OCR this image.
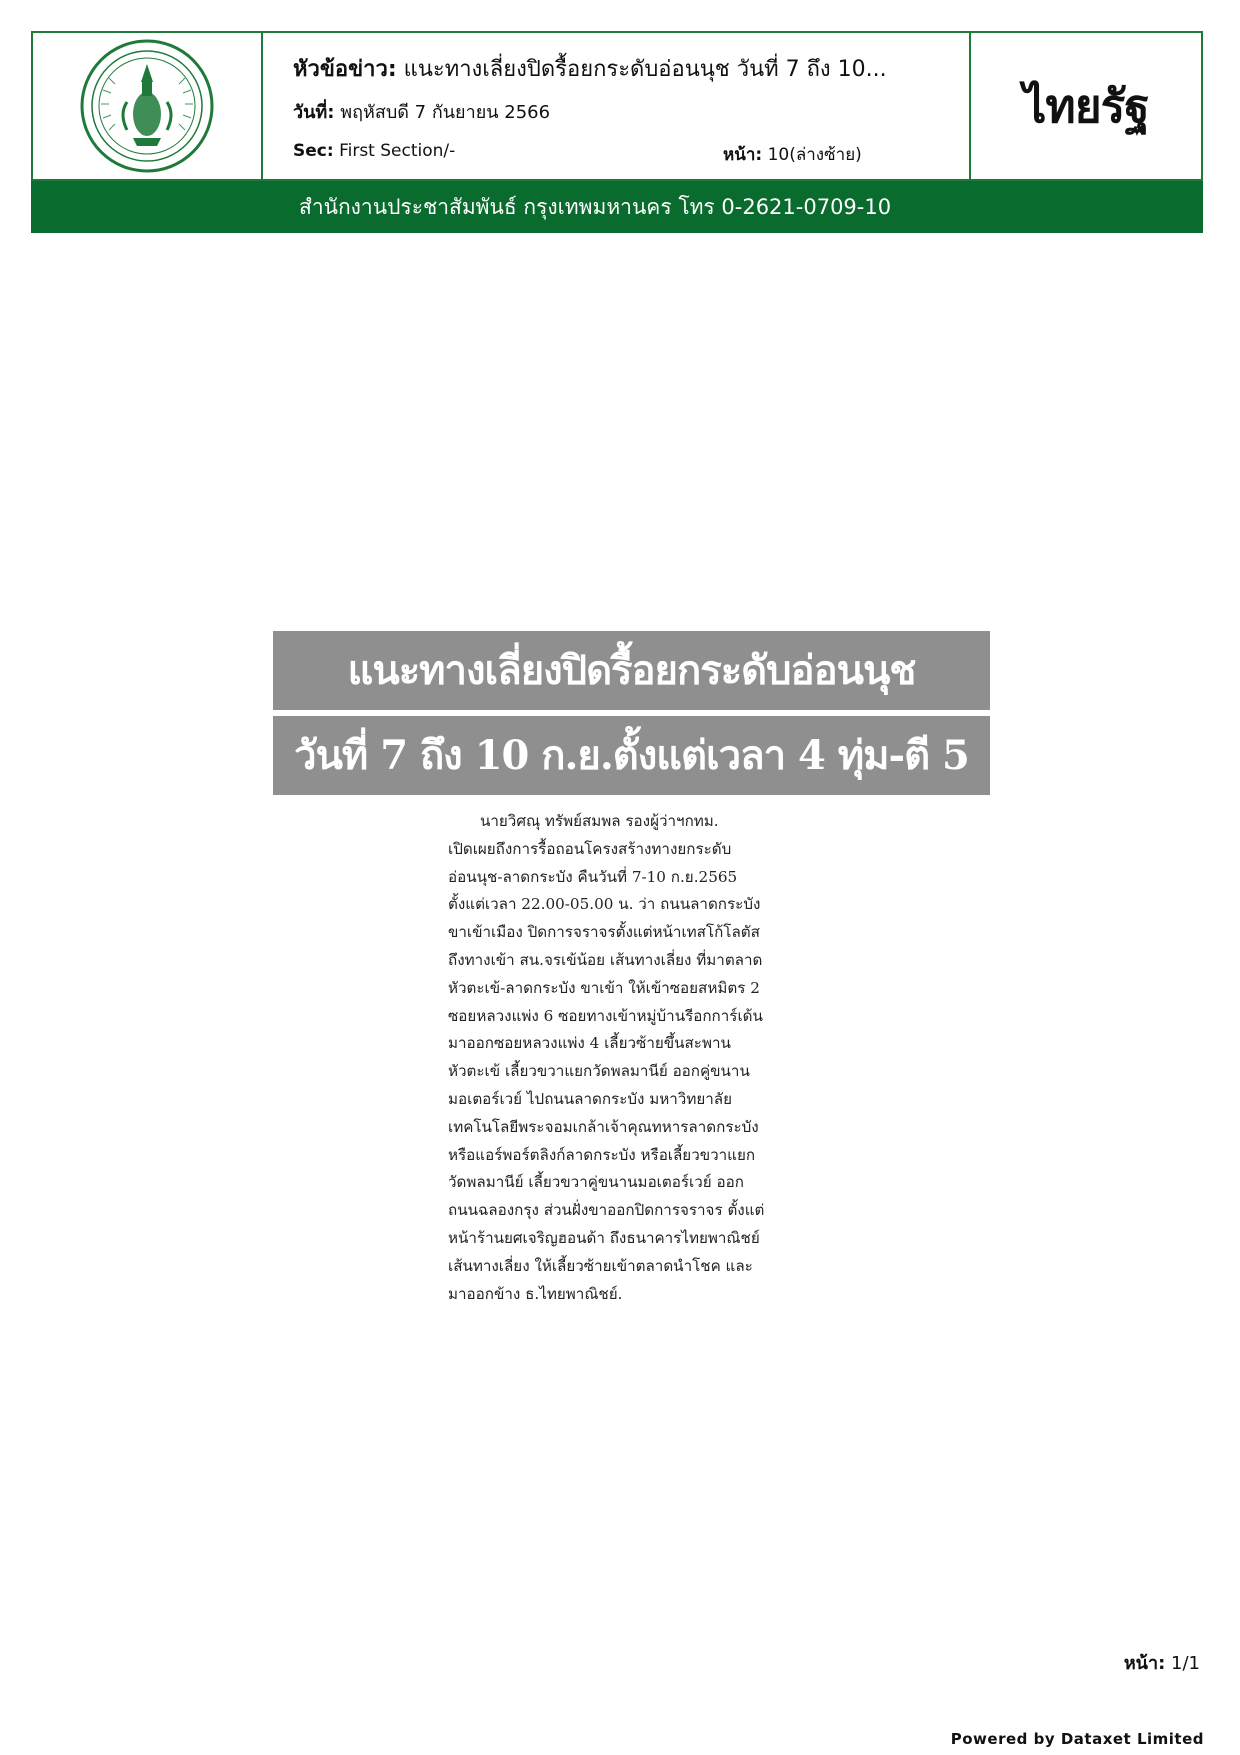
หัวข้อข่าว: แนะทางเลี่ยงปิดรื้อยกระดับอ่อนนุช วันที่ 7 ถึง 10...
วันที่: พฤหัสบดี 7 กันยายน 2566
Sec: First Section/-	หน้า: 10(ล่างซ้าย)
ไทยรัฐ
สำนักงานประชาสัมพันธ์ กรุงเทพมหานคร โทร 0-2621-0709-10
แนะทางเลี่ยงปิดรื้อยกระดับอ่อนนุช
วันที่ 7 ถึง 10 ก.ย.ตั้งแต่เวลา 4 ทุ่ม-ตี 5
นายวิศณุ ทรัพย์สมพล รองผู้ว่าฯกทม.
เปิดเผยถึงการรื้อถอนโครงสร้างทางยกระดับ
อ่อนนุช-ลาดกระบัง คืนวันที่ 7-10 ก.ย.2565
ตั้งแต่เวลา 22.00-05.00 น. ว่า ถนนลาดกระบัง
ขาเข้าเมือง ปิดการจราจรตั้งแต่หน้าเทสโก้โลตัส
ถึงทางเข้า สน.จรเข้น้อย เส้นทางเลี่ยง ที่มาตลาด
หัวตะเข้-ลาดกระบัง ขาเข้า ให้เข้าซอยสหมิตร 2
ซอยหลวงแพ่ง 6 ซอยทางเข้าหมู่บ้านรีอกการ์เด้น
มาออกซอยหลวงแพ่ง 4 เลี้ยวซ้ายขึ้นสะพาน
หัวตะเข้ เลี้ยวขวาแยกวัดพลมานีย์ ออกคู่ขนาน
มอเตอร์เวย์ ไปถนนลาดกระบัง มหาวิทยาลัย
เทคโนโลยีพระจอมเกล้าเจ้าคุณทหารลาดกระบัง
หรือแอร์พอร์ตลิงก์ลาดกระบัง หรือเลี้ยวขวาแยก
วัดพลมานีย์ เลี้ยวขวาคู่ขนานมอเตอร์เวย์ ออก
ถนนฉลองกรุง ส่วนฝั่งขาออกปิดการจราจร ตั้งแต่
หน้าร้านยศเจริญฮอนด้า ถึงธนาคารไทยพาณิชย์
เส้นทางเลี่ยง ให้เลี้ยวซ้ายเข้าตลาดนำโชค และ
มาออกข้าง ธ.ไทยพาณิชย์.
หน้า: 1/1
Powered by Dataxet Limited
